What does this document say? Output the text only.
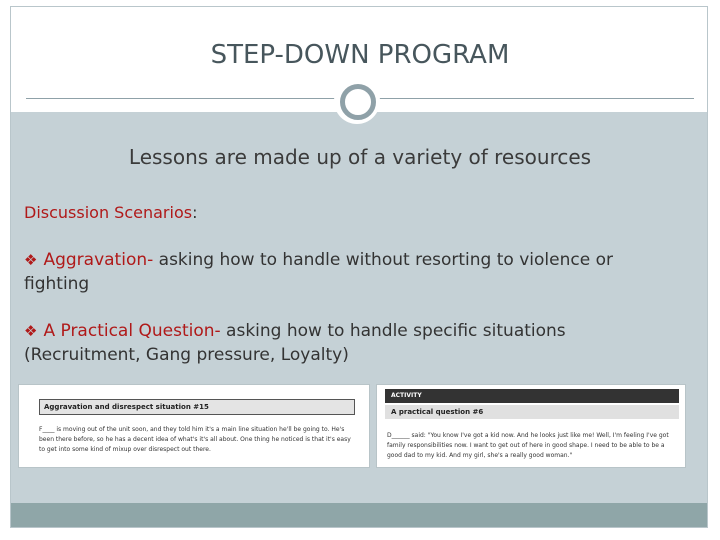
STEP-DOWN PROGRAM
Lessons are made up of a variety of resources
Discussion Scenarios:
❖ Aggravation- asking how to handle without resorting to violence or fighting
❖ A Practical Question- asking how to handle specific situations (Recruitment, Gang pressure, Loyalty)
Aggravation and disrespect situation #15
F____ is moving out of the unit soon, and they told him it's a main line situation he'll be going to. He's been there before, so he has a decent idea of what's it's all about. One thing he noticed is that it's easy to get into some kind of mixup over disrespect out there.
ACTIVITY
A practical question #6
D______ said: "You know I've got a kid now. And he looks just like me! Well, I'm feeling I've got family responsibilities now. I want to get out of here in good shape. I need to be able to be a good dad to my kid. And my girl, she's a really good woman."
